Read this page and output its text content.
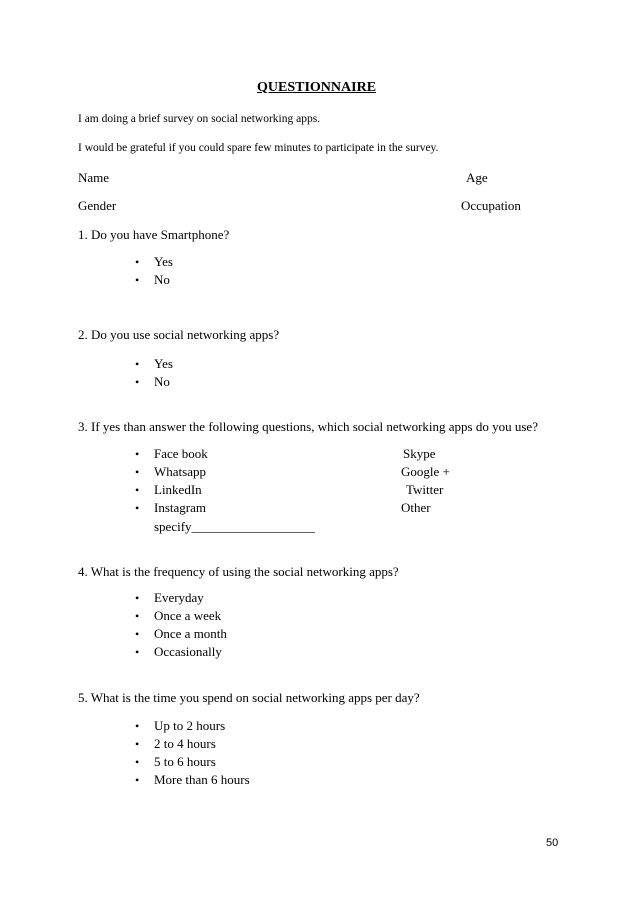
QUESTIONNAIRE
I am doing a brief survey on social networking apps.
I would be grateful if you could spare few minutes to participate in the survey.
Name	Age
Gender	Occupation
1. Do you have Smartphone?
• Yes
• No
2. Do you use social networking apps?
• Yes
• No
3. If yes than answer the following questions, which social networking apps do you use?
• Face book	Skype
• Whatsapp	Google +
• LinkedIn	Twitter
• Instagram	Other
specify___________________
4. What is the frequency of using the social networking apps?
• Everyday
• Once a week
• Once a month
• Occasionally
5. What is the time you spend on social networking apps per day?
• Up to 2 hours
• 2 to 4 hours
• 5 to 6 hours
• More than 6 hours
50
